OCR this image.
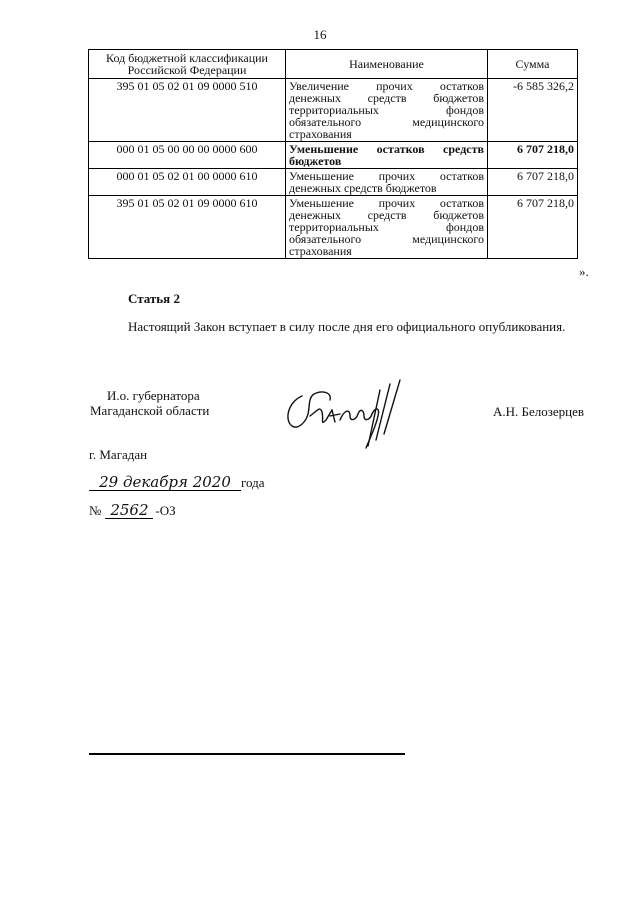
16
Код бюджетной классификации Российской Федерации	Наименование	Сумма
395 01 05 02 01 09 0000 510	Увеличение прочих остатков денежных средств бюджетов территориальных фондов обязательного медицинского страхования	-6 585 326,2
000 01 05 00 00 00 0000 600	Уменьшение остатков средств бюджетов	6 707 218,0
000 01 05 02 01 00 0000 610	Уменьшение прочих остатков денежных средств бюджетов	6 707 218,0
395 01 05 02 01 09 0000 610	Уменьшение прочих остатков денежных средств бюджетов территориальных фондов обязательного медицинского страхования	6 707 218,0
».
Статья 2
Настоящий Закон вступает в силу после дня его официального опубликования.
И.о. губернатора
Магаданской области	А.Н. Белозерцев
г. Магадан
29 декабря 2020 года
№ 2562 -ОЗ
